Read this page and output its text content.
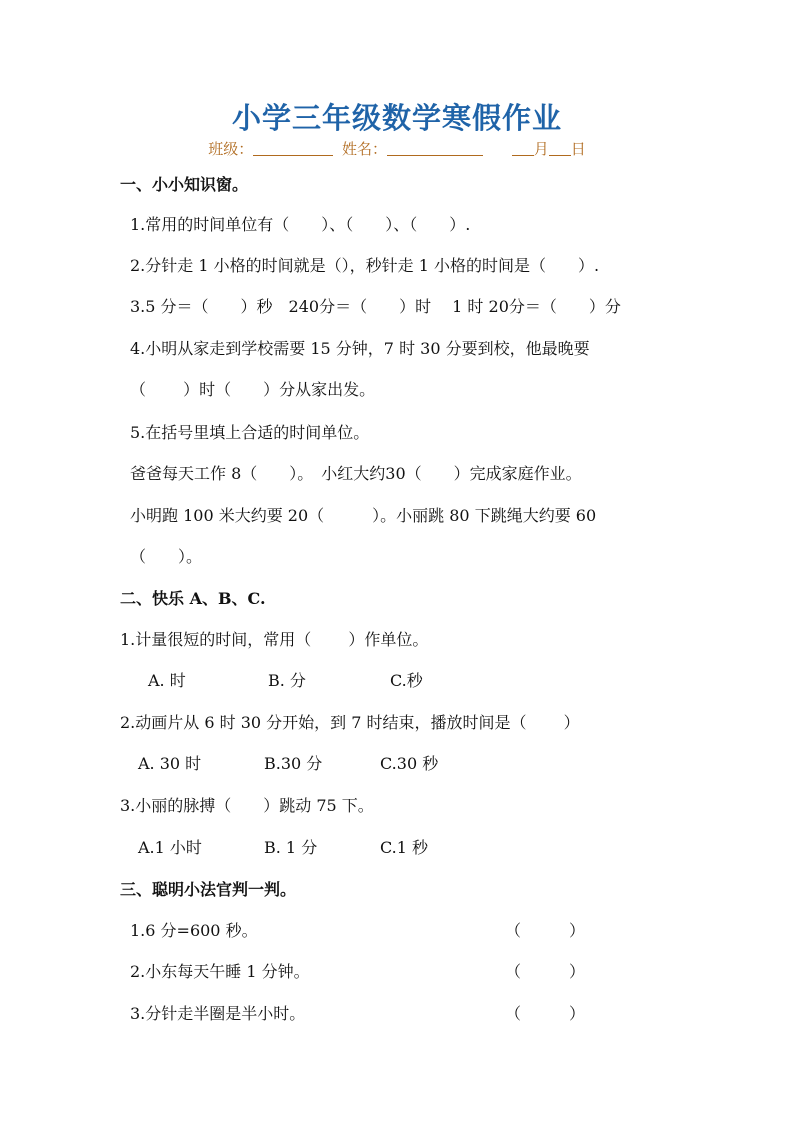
小学三年级数学寒假作业
班级：	姓名：	月 日
一、小小知识窗。
1.常用的时间单位有（　　）、（　　）、（　　）.
2.分针走 1 小格的时间就是（），秒针走 1 小格的时间是（　　）.
3.5 分＝（　　）秒　240分＝（　　）时　 1 时 20分＝（　　）分
4.小明从家走到学校需要 15 分钟，7 时 30 分要到校，他最晚要
（　　 ）时（　　）分从家出发。
5.在括号里填上合适的时间单位。
爸爸每天工作 8（　　）。　小红大约30（　　）完成家庭作业。
小明跑 100 米大约要 20（　　　）。小丽跳 80 下跳绳大约要 60
（　　）。
二、快乐 A、B、C.
1.计量很短的时间，常用（　　 ）作单位。
A. 时	B. 分	C.秒
2.动画片从 6 时 30 分开始，到 7 时结束，播放时间是（　　 ）
A. 30 时	B.30 分	C.30 秒
3.小丽的脉搏（　　）跳动 75 下。
A.1 小时	B. 1 分	C.1 秒
三、聪明小法官判一判。
1.6 分=600 秒。	（　　　）
2.小东每天午睡 1 分钟。	（　　　）
3.分针走半圈是半小时。	（　　　）
